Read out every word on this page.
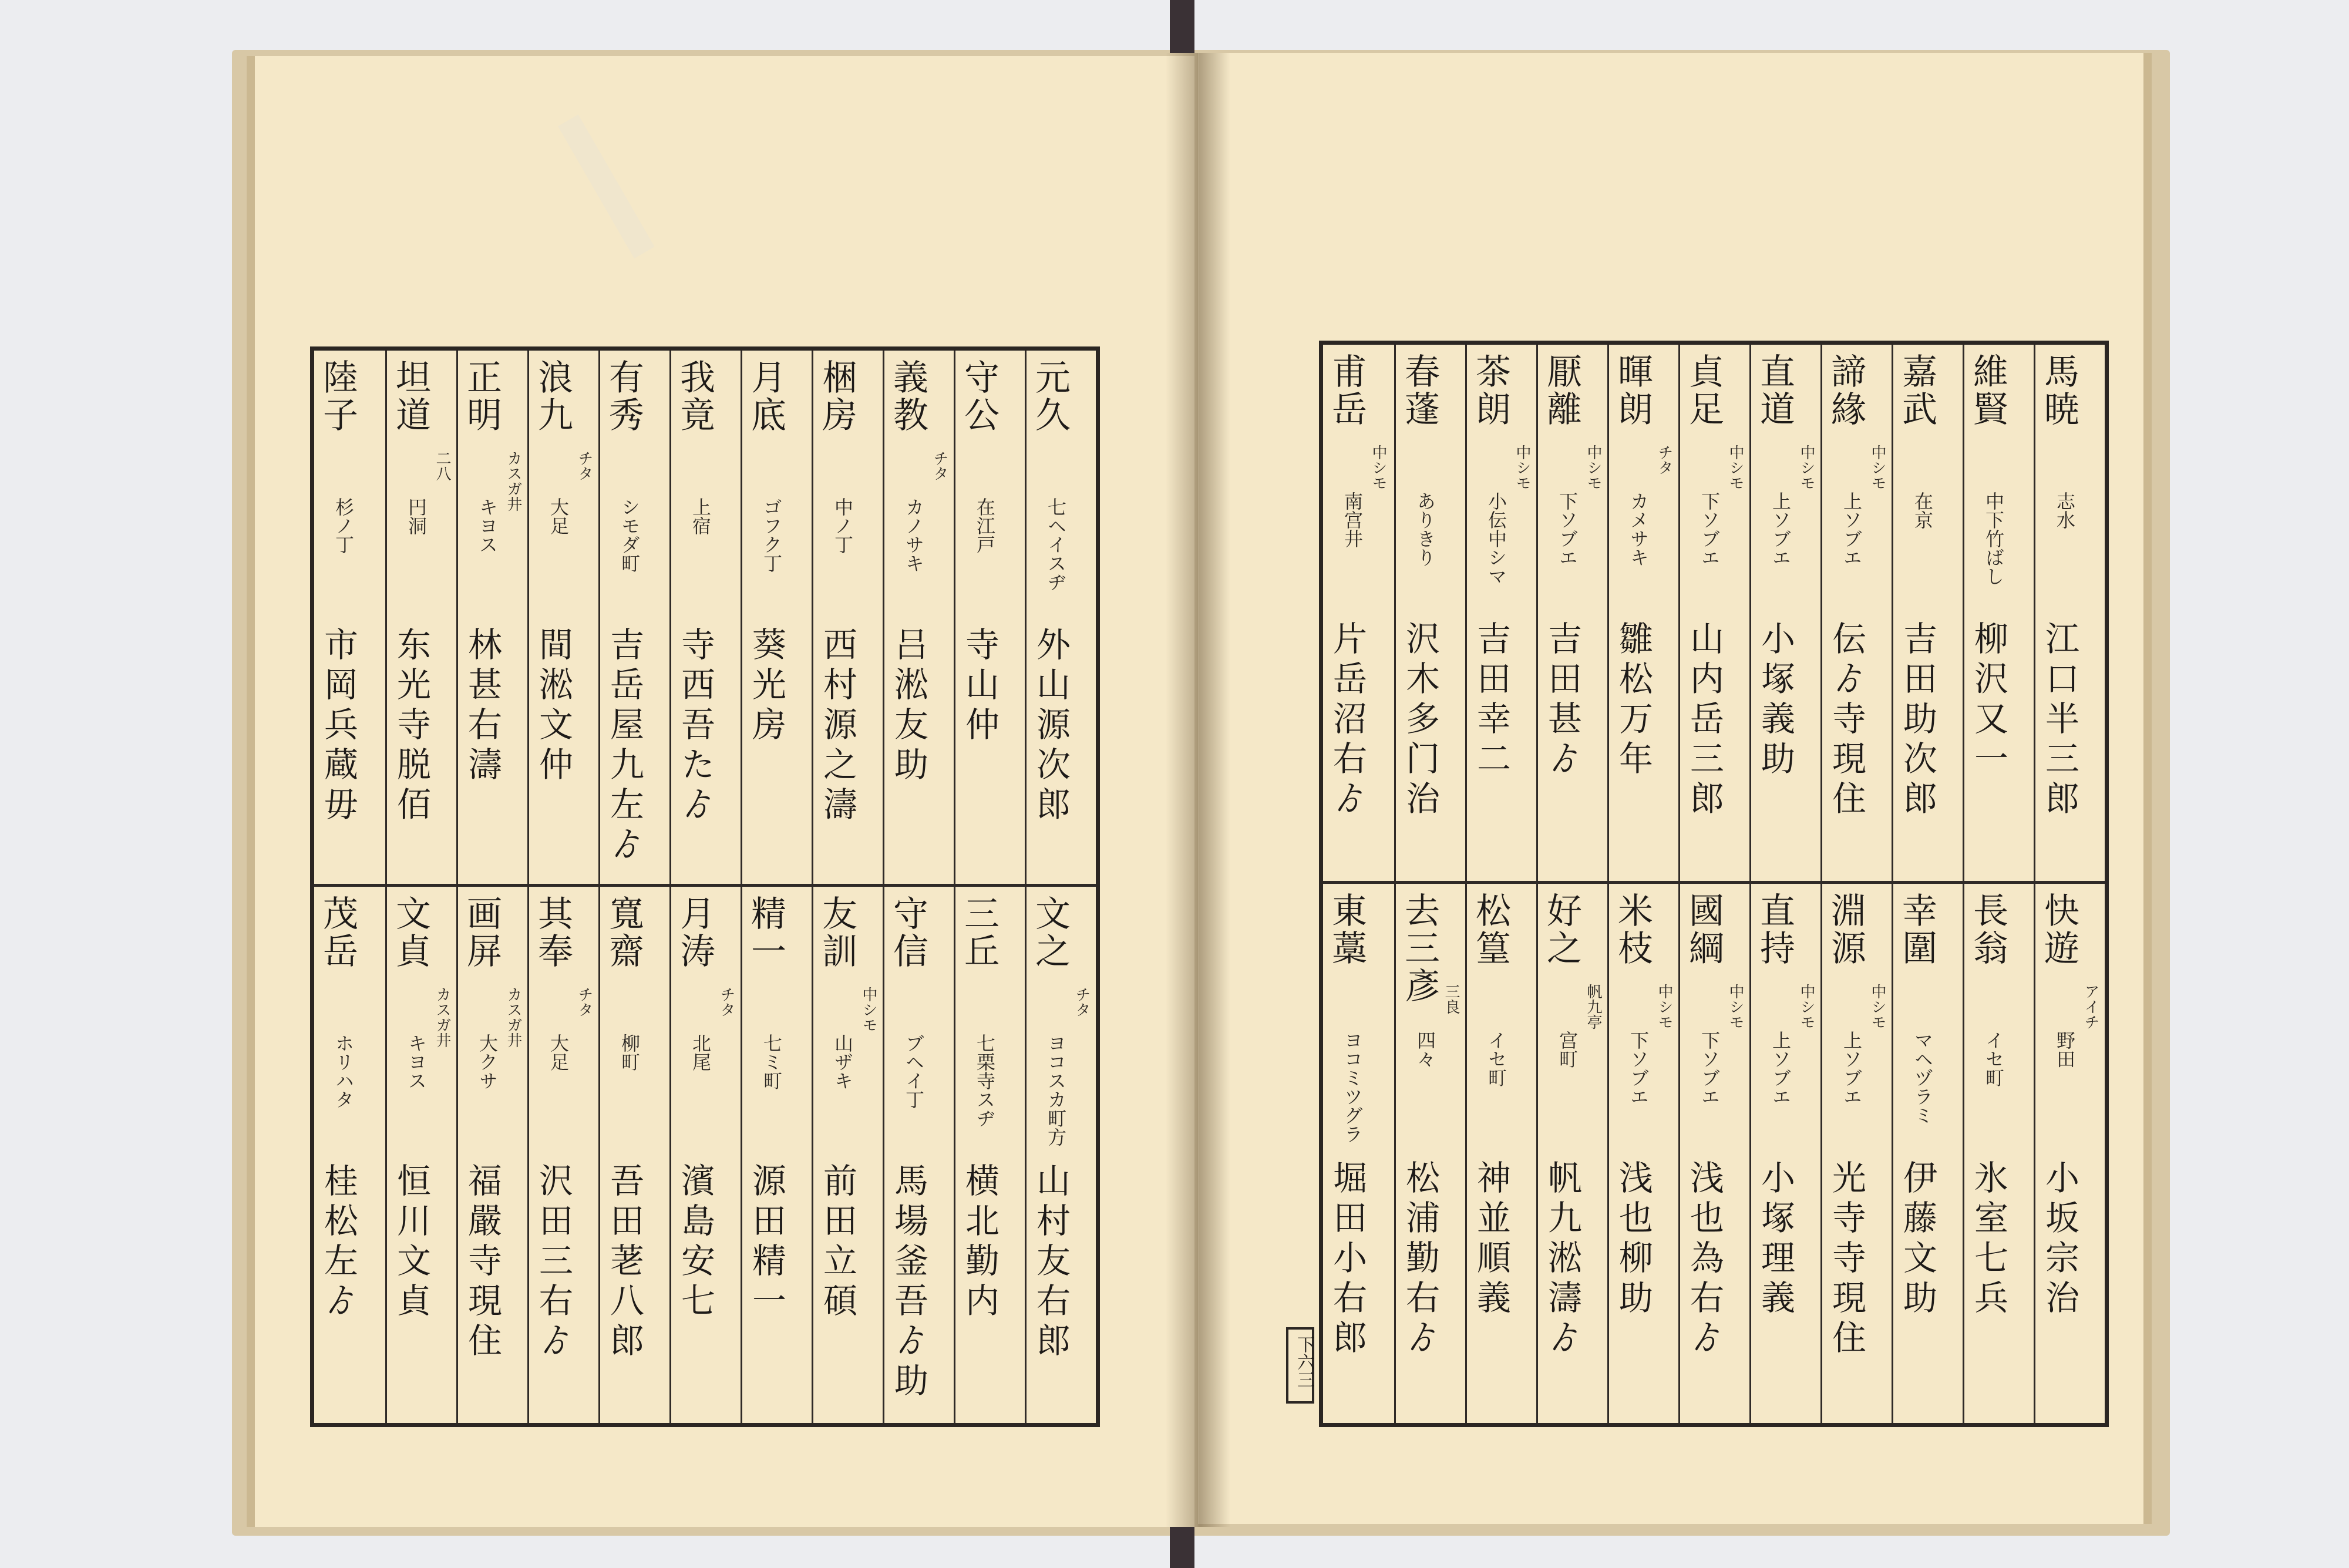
元久
七ヘイスヂ
外山源次郎
守公
在江戸
寺山仲
義教
チタ
カノサキ
吕淞友助
梱房
中ノ丁
西村源之濤
月底
ゴフク丁
葵光房
我竟
上宿
寺西吾たゟ
有秀
シモダ町
吉岳屋九左ゟ
浪九
チタ
大足
間淞文仲
正明
カスガ井
キヨス
林甚右濤
坦道
二八
円洞
东光寺脱佰
陸子
杉ノ丁
市岡兵蔵毋
文之
チタ
ヨコスカ町方
山村友右郎
三丘
七栗寺スヂ
横北勤内
守信
ブヘイ丁
馬場釜吾ゟ助
友訓
中シモ
山ザキ
前田立碩
精一
七ミ町
源田精一
月涛
チタ
北尾
濱島安七
寬齋
柳町
吾田荖八郎
其奉
チタ
大足
沢田三右ゟ
画屏
カスガ井
大クサ
福嚴寺現住
文貞
カスガ井
キヨス
恒川文貞
茂岳
ホリハタ
桂松左ゟ
馬暁
志水
江口半三郎
維賢
中下竹ばし
柳沢又一
嘉武
在京
吉田助次郎
諦緣
中シモ
上ソブエ
伝ゟ寺現住
直道
中シモ
上ソブエ
小塚義助
貞足
中シモ
下ソブエ
山内岳三郎
暉朗
チタ
カメサキ
雛松万年
厭離
中シモ
下ソブエ
吉田甚ゟ
茶朗
中シモ
小伝中シマ
吉田幸二
春蓬
ありきり
沢木多门治
甫岳
中シモ
南宫井
片岳沼右ゟ
快遊
アイチ
野田
小坂宗治
長翁
イセ町
氷室七兵
幸圍
マヘヅラミ
伊藤文助
淵源
中シモ
上ソブエ
光寺寺現住
直持
中シモ
上ソブエ
小塚理義
國綱
中シモ
下ソブエ
浅也為右ゟ
米枝
中シモ
下ソブエ
浅也柳助
好之
帆九亭
宫町
帆九淞濤ゟ
松篁
イセ町
神並順義
去三彥 三良
四々
松浦勤右ゟ
東藁
ヨコミツグラ
堀田小右郎
下六三
